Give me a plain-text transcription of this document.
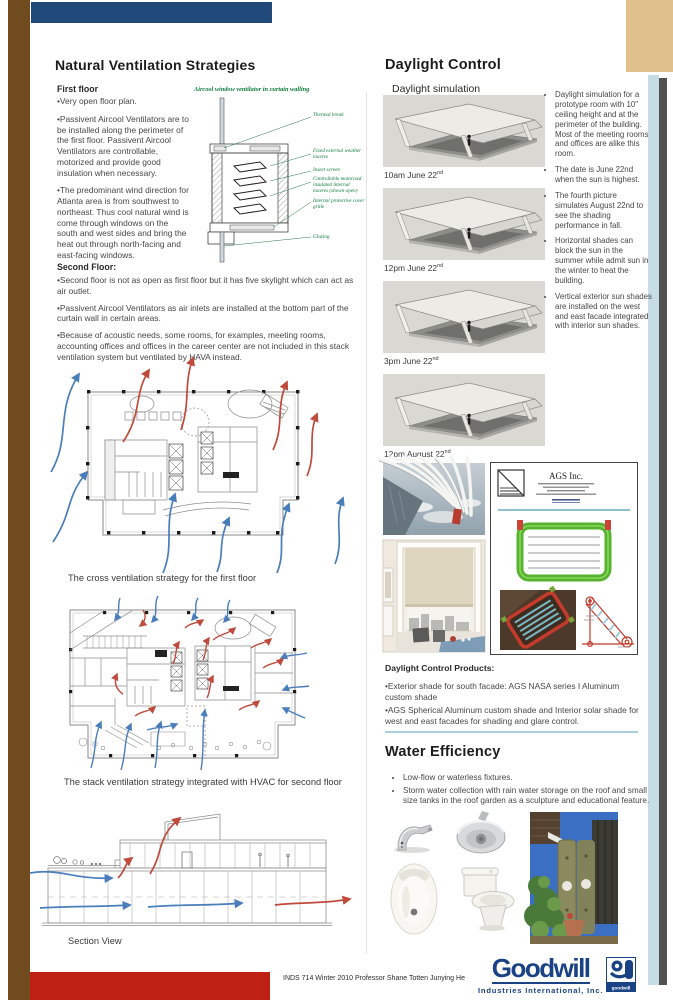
Natural Ventilation Strategies
First floor

•Very open floor plan.

•Passivent Aircool Ventilators are to be installed along the perimeter of the first floor. Passivent Aircool Ventilators are controllable, motorized and provide good insulation when necessary.

•The predominant wind direction for Atlanta area is from southwest to northeast. Thus cool natural wind is come through windows on the south and west sides and bring the heat out through north-facing and east-facing windows.

Aircool window ventilator in curtain walling
Thermal break
Fixed external weather louvres
Insect screen
Controllable motorised insulated internal louvres (shown open)
Internal protective cover grille
Glazing
Second Floor:

•Second floor is not as open as first floor but it has five skylight which can act as air outlet.

•Passivent Aircool Ventilators as air inlets are installed at the bottom part of the curtain wall in certain areas.

•Because of acoustic needs, some rooms, for examples, meeting rooms, accounting offices and offices in the career center are not included in this stack ventilation system but ventilated by HAVA instead.

The cross ventilation strategy for the first floor
The stack ventilation strategy integrated with HVAC for second floor
Section View
Daylight Control
Daylight simulation
10am June 22nd
12pm June 22nd
3pm June 22nd
12pm August 22nd
• Daylight simulation for a prototype room with 10'' ceiling height and at the perimeter of the building. Most of the meeting rooms and offices are alike this room.
• The date is June 22nd when the sun is highest.
• The fourth picture simulates August 22nd to see the shading performance in fall.
• Horizontal shades can block the sun in the summer while admit sun in the winter to heat the building.
• Vertical exterior sun shades are installed on the west and east facade integrated with interior sun shades.
AGS Inc.
Daylight Control Products:

•Exterior shade for south facade: AGS NASA series I Aluminum custom shade

•AGS Spherical Aluminum custom shade and Interior solar shade for west and east facades for shading and glare control.

Water Efficiency
• Low-flow or waterless fixtures.
• Storm water collection with rain water storage on the roof and small size tanks in the roof garden as a sculpture and educational feature.
INDS 714 Winter 2010 Professor Shane Totten Junying He	Goodwill
Industries International, Inc. goodwill
